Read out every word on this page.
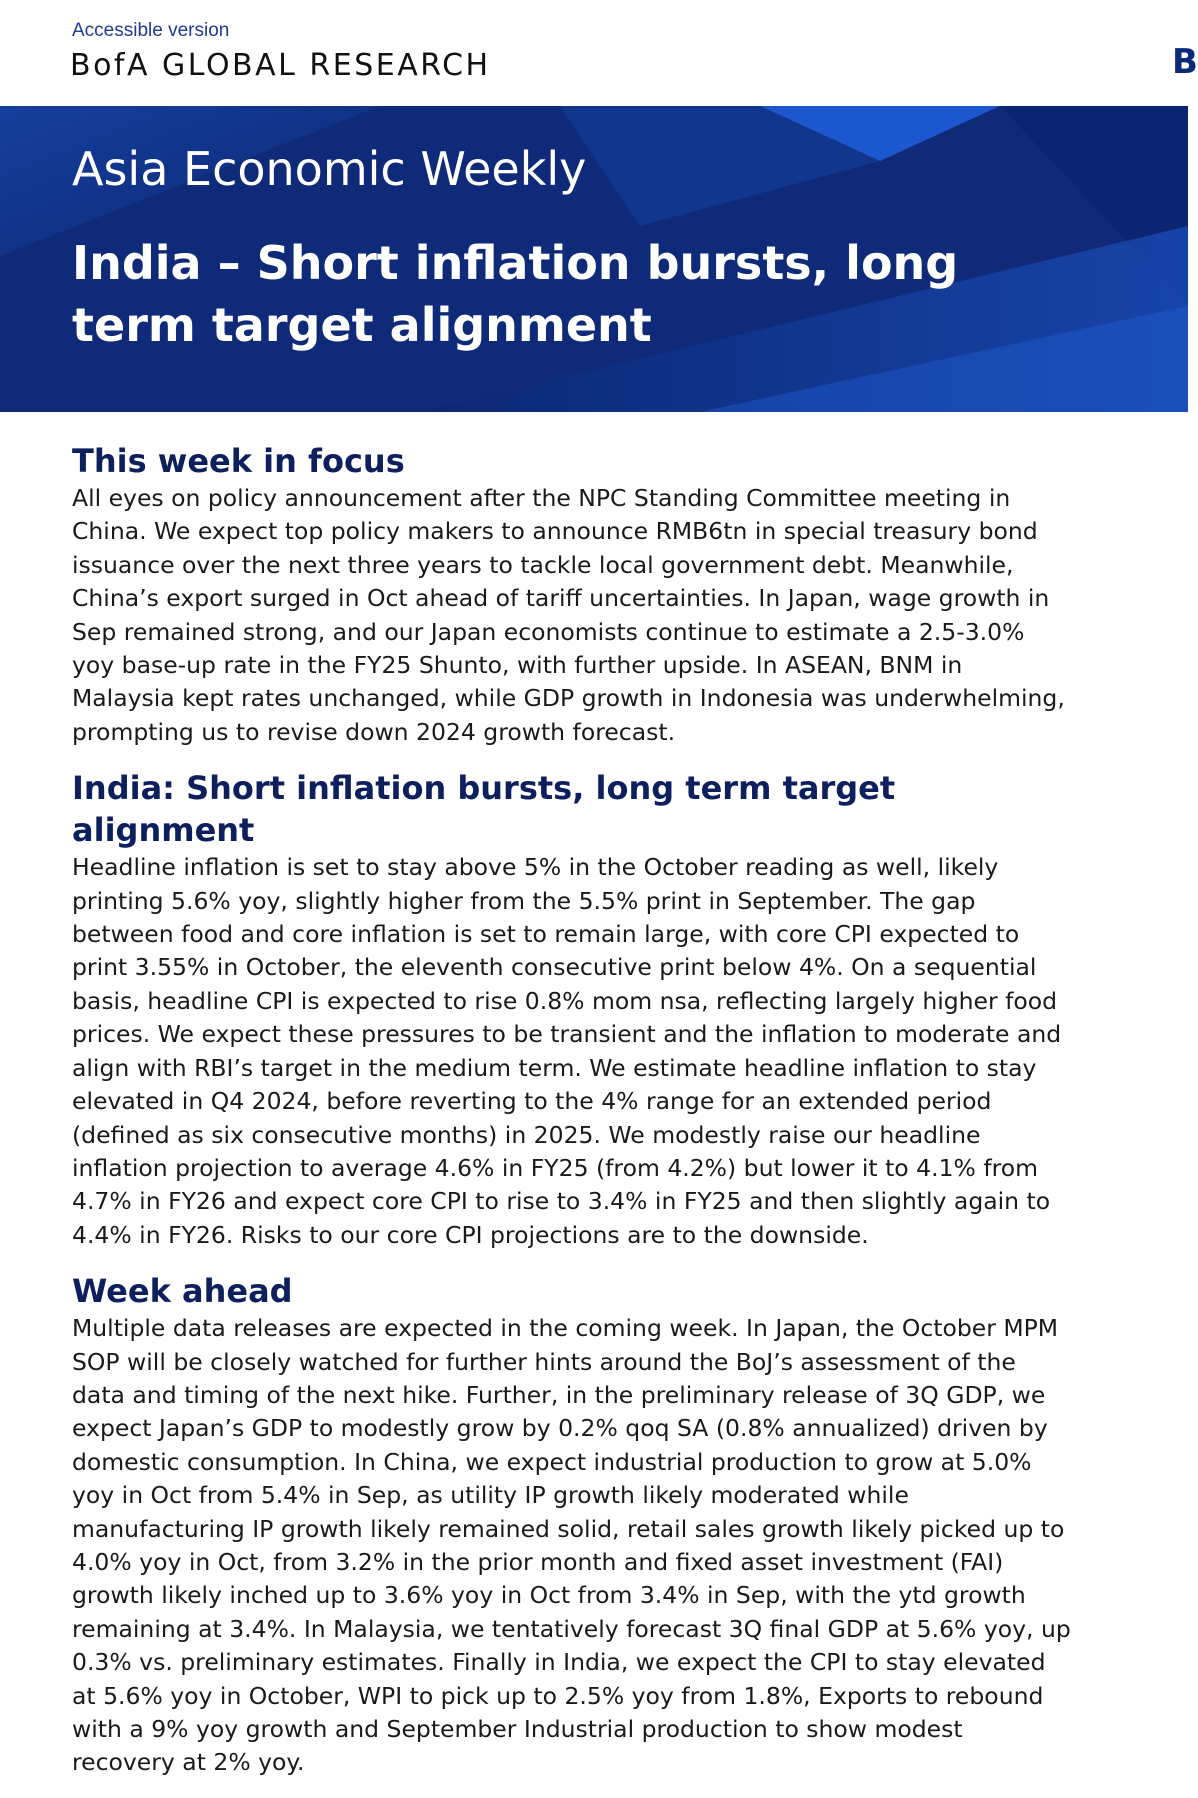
Accessible version
BofA GLOBAL RESEARCH	B
Asia Economic Weekly
India – Short inflation bursts, long term target alignment
This week in focus

All eyes on policy announcement after the NPC Standing Committee meeting in China. We expect top policy makers to announce RMB6tn in special treasury bond issuance over the next three years to tackle local government debt. Meanwhile, China’s export surged in Oct ahead of tariff uncertainties. In Japan, wage growth in Sep remained strong, and our Japan economists continue to estimate a 2.5-3.0% yoy base-up rate in the FY25 Shunto, with further upside. In ASEAN, BNM in Malaysia kept rates unchanged, while GDP growth in Indonesia was underwhelming, prompting us to revise down 2024 growth forecast.

India: Short inflation bursts, long term target alignment

Headline inflation is set to stay above 5% in the October reading as well, likely printing 5.6% yoy, slightly higher from the 5.5% print in September. The gap between food and core inflation is set to remain large, with core CPI expected to print 3.55% in October, the eleventh consecutive print below 4%. On a sequential basis, headline CPI is expected to rise 0.8% mom nsa, reflecting largely higher food prices. We expect these pressures to be transient and the inflation to moderate and align with RBI’s target in the medium term. We estimate headline inflation to stay elevated in Q4 2024, before reverting to the 4% range for an extended period (defined as six consecutive months) in 2025. We modestly raise our headline inflation projection to average 4.6% in FY25 (from 4.2%) but lower it to 4.1% from 4.7% in FY26 and expect core CPI to rise to 3.4% in FY25 and then slightly again to 4.4% in FY26. Risks to our core CPI projections are to the downside.

Week ahead

Multiple data releases are expected in the coming week. In Japan, the October MPM SOP will be closely watched for further hints around the BoJ’s assessment of the data and timing of the next hike. Further, in the preliminary release of 3Q GDP, we expect Japan’s GDP to modestly grow by 0.2% qoq SA (0.8% annualized) driven by domestic consumption. In China, we expect industrial production to grow at 5.0% yoy in Oct from 5.4% in Sep, as utility IP growth likely moderated while manufacturing IP growth likely remained solid, retail sales growth likely picked up to 4.0% yoy in Oct, from 3.2% in the prior month and fixed asset investment (FAI) growth likely inched up to 3.6% yoy in Oct from 3.4% in Sep, with the ytd growth remaining at 3.4%. In Malaysia, we tentatively forecast 3Q final GDP at 5.6% yoy, up 0.3% vs. preliminary estimates. Finally in India, we expect the CPI to stay elevated at 5.6% yoy in October, WPI to pick up to 2.5% yoy from 1.8%, Exports to rebound with a 9% yoy growth and September Industrial production to show modest recovery at 2% yoy.
